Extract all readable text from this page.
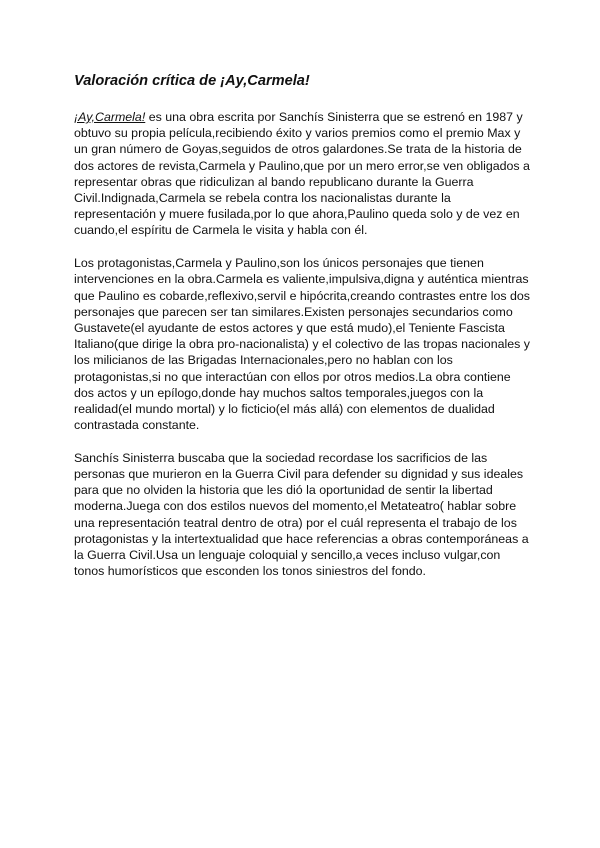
Valoración crítica de ¡Ay,Carmela!

¡Ay,Carmela! es una obra escrita por Sanchís Sinisterra que se estrenó en 1987 y obtuvo su propia película,recibiendo éxito y varios premios como el premio Max y un gran número de Goyas,seguidos de otros galardones.Se trata de la historia de dos actores de revista,Carmela y Paulino,que por un mero error,se ven obligados a representar obras que ridiculizan al bando republicano durante la Guerra Civil.Indignada,Carmela se rebela contra los nacionalistas durante la representación y muere fusilada,por lo que ahora,Paulino queda solo y de vez en cuando,el espíritu de Carmela le visita y habla con él.

Los protagonistas,Carmela y Paulino,son los únicos personajes que tienen intervenciones en la obra.Carmela es valiente,impulsiva,digna y auténtica mientras que Paulino es cobarde,reflexivo,servil e hipócrita,creando contrastes entre los dos personajes que parecen ser tan similares.Existen personajes secundarios como Gustavete(el ayudante de estos actores y que está mudo),el Teniente Fascista Italiano(que dirige la obra pro-nacionalista) y el colectivo de las tropas nacionales y los milicianos de las Brigadas Internacionales,pero no hablan con los protagonistas,si no que interactúan con ellos por otros medios.La obra contiene dos actos y un epílogo,donde hay muchos saltos temporales,juegos con la realidad(el mundo mortal) y lo ficticio(el más allá) con elementos de dualidad contrastada constante.

Sanchís Sinisterra buscaba que la sociedad recordase los sacrificios de las personas que murieron en la Guerra Civil para defender su dignidad y sus ideales para que no olviden la historia que les dió la oportunidad de sentir la libertad moderna.Juega con dos estilos nuevos del momento,el Metateatro( hablar sobre una representación teatral dentro de otra) por el cuál representa el trabajo de los protagonistas y la intertextualidad que hace referencias a obras contemporáneas a la Guerra Civil.Usa un lenguaje coloquial y sencillo,a veces incluso vulgar,con tonos humorísticos que esconden los tonos siniestros del fondo.
